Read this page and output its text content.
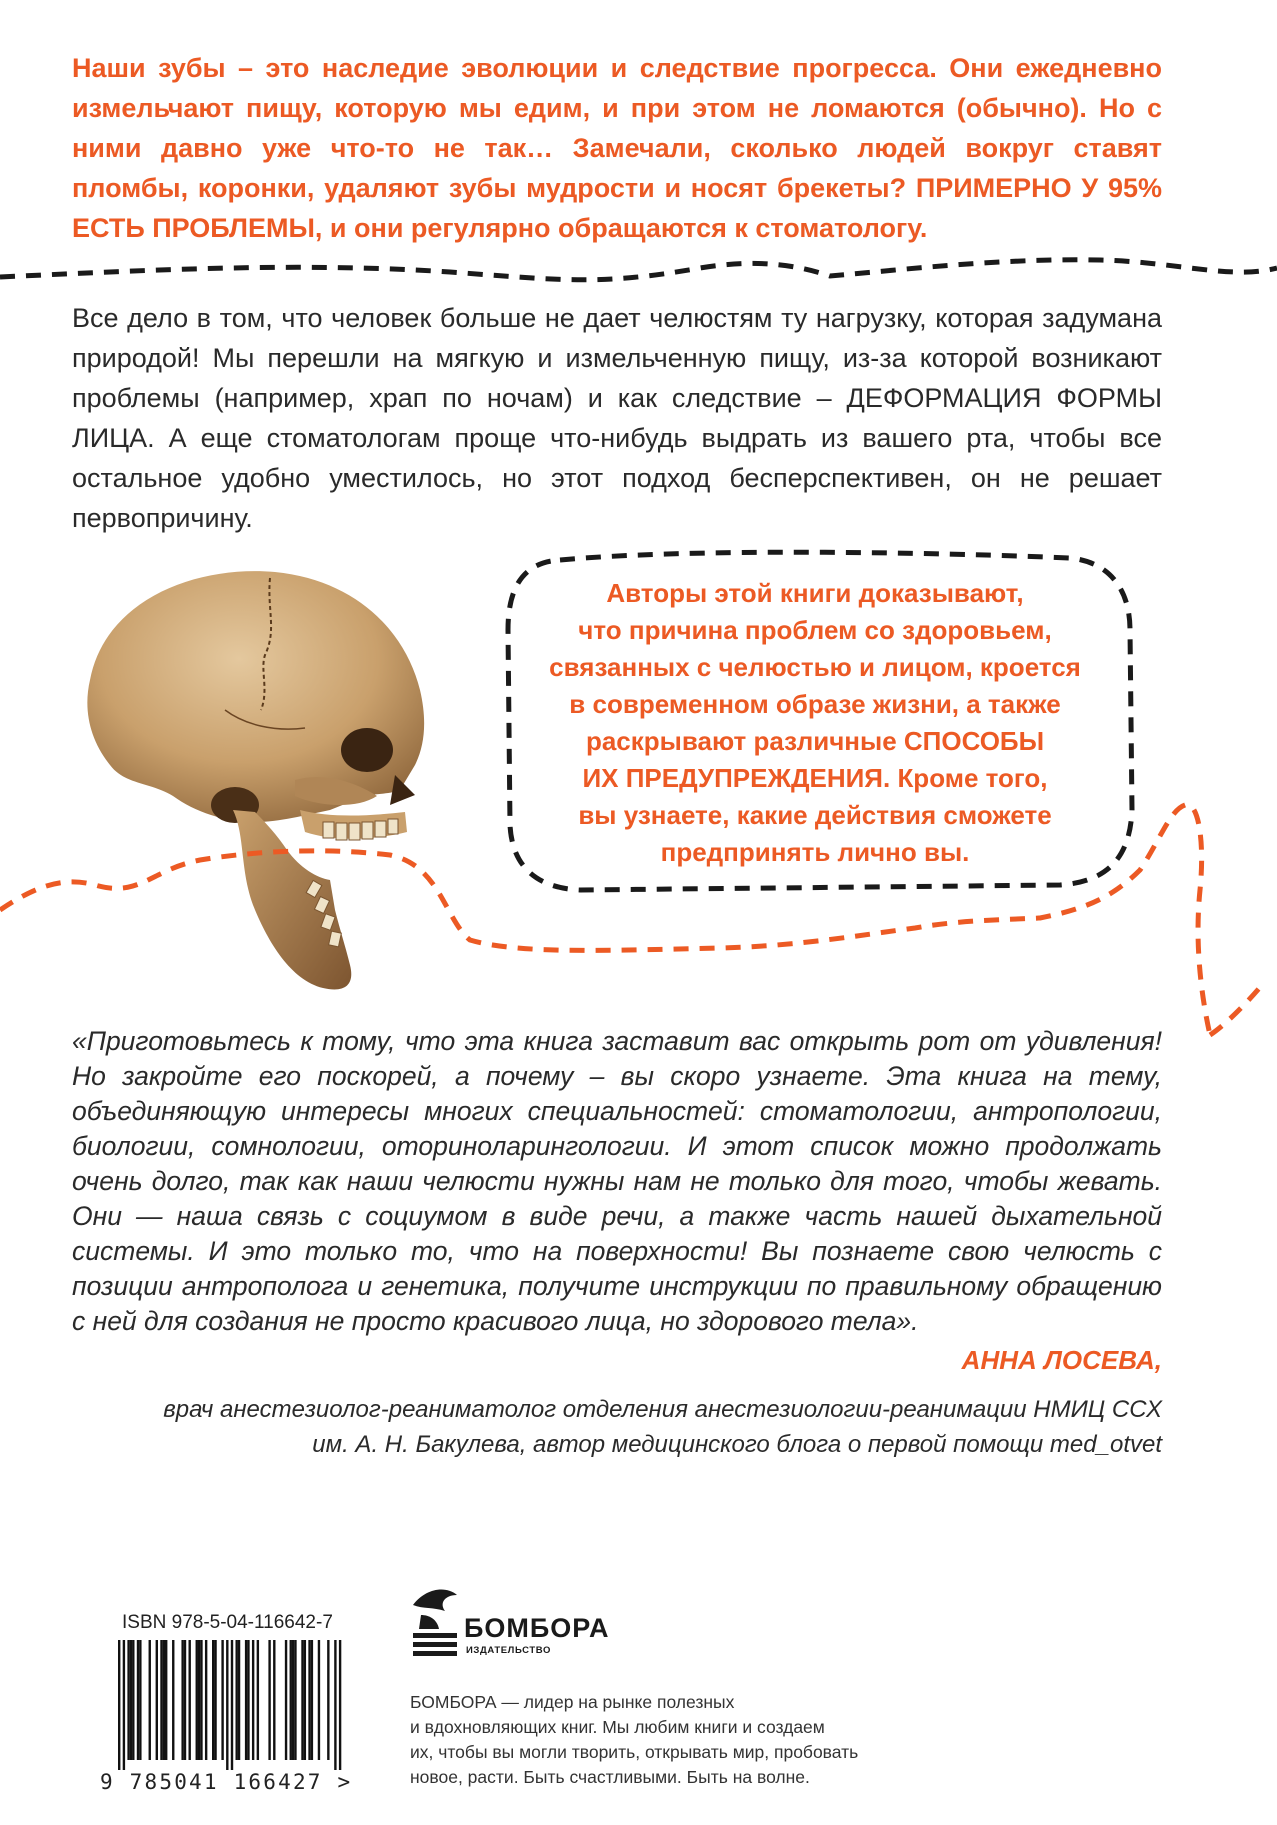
Наши зубы – это наследие эволюции и следствие прогресса. Они ежедневно измельчают пищу, которую мы едим, и при этом не ломаются (обычно). Но с ними давно уже что-то не так… Замечали, сколько людей вокруг ставят пломбы, коронки, удаляют зубы мудрости и носят брекеты? ПРИМЕРНО У 95% ЕСТЬ ПРОБЛЕМЫ, и они регулярно обращаются к стоматологу.

Все дело в том, что человек больше не дает челюстям ту нагрузку, которая задумана природой! Мы перешли на мягкую и измельченную пищу, из-за которой возникают проблемы (например, храп по ночам) и как следствие – ДЕФОРМАЦИЯ ФОРМЫ ЛИЦА. А еще стоматологам проще что-нибудь выдрать из вашего рта, чтобы все остальное удобно уместилось, но этот подход бесперспективен, он не решает первопричину.

Авторы этой книги доказывают,
что причина проблем со здоровьем,
связанных с челюстью и лицом, кроется
в современном образе жизни, а также
раскрывают различные СПОСОБЫ
ИХ ПРЕДУПРЕЖДЕНИЯ. Кроме того,
вы узнаете, какие действия сможете
предпринять лично вы.

«Приготовьтесь к тому, что эта книга заставит вас открыть рот от удивления! Но закройте его поскорей, а почему – вы скоро узнаете. Эта книга на тему, объединяющую интересы многих специальностей: стоматологии, антропологии, биологии, сомнологии, оториноларингологии. И этот список можно продолжать очень долго, так как наши челюсти нужны нам не только для того, чтобы жевать. Они — наша связь с социумом в виде речи, а также часть нашей дыхательной системы. И это только то, что на поверхности! Вы познаете свою челюсть с позиции антрополога и генетика, получите инструкции по правильному обращению с ней для создания не просто красивого лица, но здорового тела».

АННА ЛОСЕВА,

врач анестезиолог-реаниматолог отделения анестезиологии-реанимации НМИЦ ССХ
им. А. Н. Бакулева, автор медицинского блога о первой помощи med_otvet

ISBN 978-5-04-116642-7

9 785041 166427 >

БОМБОРА

ИЗДАТЕЛЬСТВО

БОМБОРА — лидер на рынке полезных
и вдохновляющих книг. Мы любим книги и создаем
их, чтобы вы могли творить, открывать мир, пробовать
новое, расти. Быть счастливыми. Быть на волне.
